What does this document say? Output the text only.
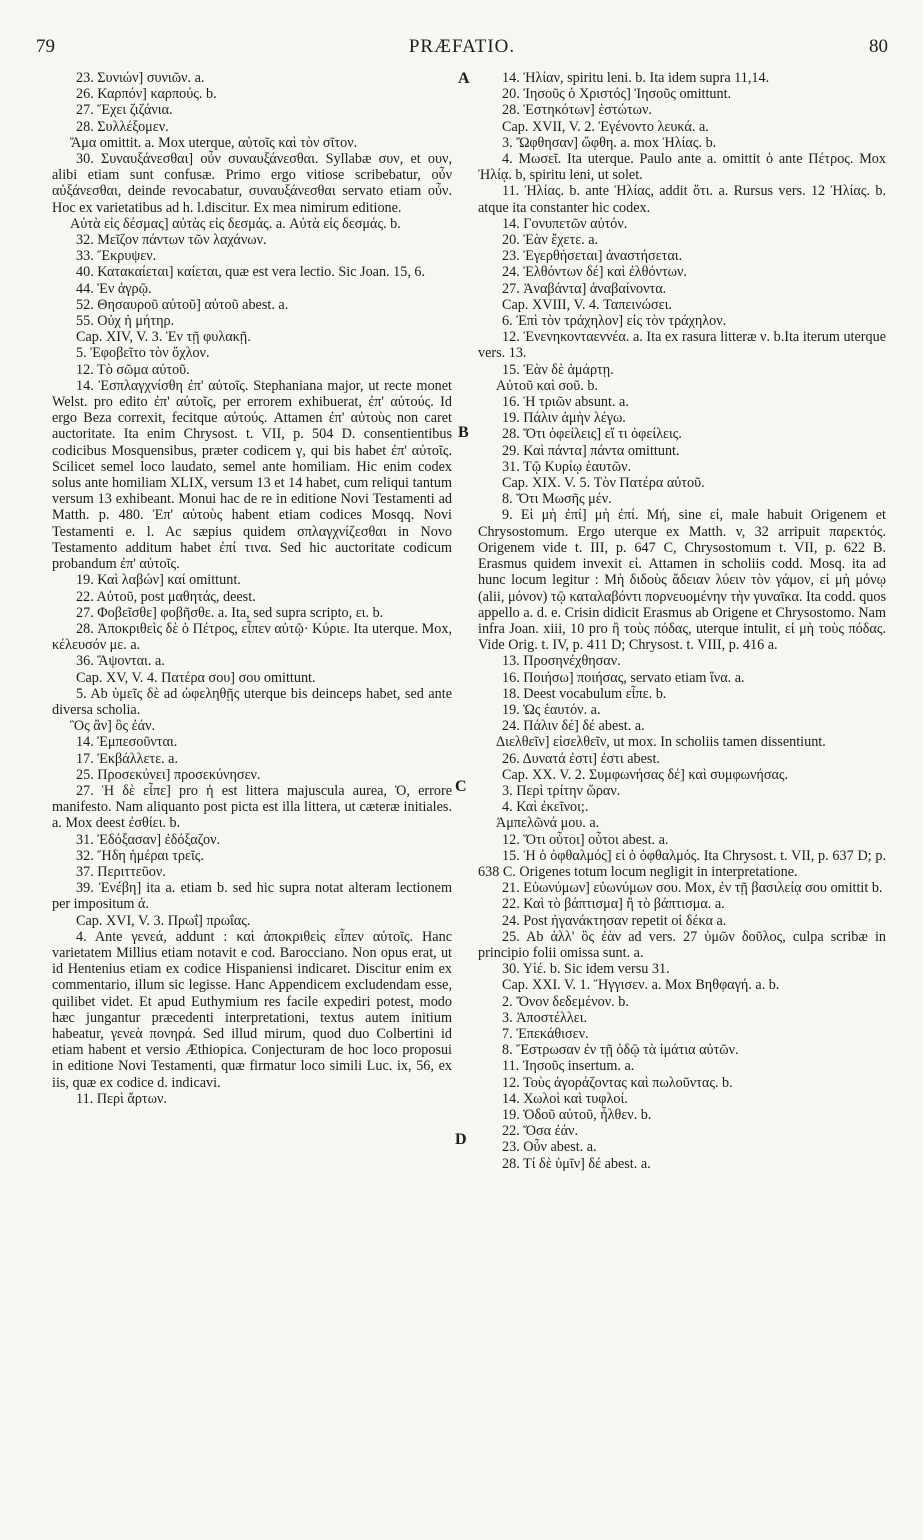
79	PRÆFATIO.	80
A
B
C
D

23. Συνιών] συνιῶν. a.

26. Καρπόν] καρπούς. b.

27. Ἔχει ζιζάνια.

28. Συλλέξομεν.

Ἅμα omittit. a. Mox uterque, αὐτοῖς καὶ τὸν σῖτον.

30. Συναυξάνεσθαι] οὖν συναυξάνεσθαι. Syllabæ συν, et ουν, alibi etiam sunt confusæ. Primo ergo vitiose scribebatur, οὖν αὐξάνεσθαι, deinde revocabatur, συναυξάνεσθαι servato etiam οὖν. Hoc ex varietatibus ad h. l.discitur. Ex mea nimirum editione.

Αὐτὰ εἰς δέσμας] αὐτὰς εἰς δεσμάς. a. Αὐτὰ εἰς δεσμάς. b.

32. Μεῖζον πάντων τῶν λαχάνων.

33. Ἔκρυψεν.

40. Κατακαίεται] καίεται, quæ est vera lectio. Sic Joan. 15, 6.

44. Ἐν ἀγρῷ.

52. Θησαυροῦ αὐτοῦ] αὐτοῦ abest. a.

55. Οὐχ ἡ μήτηρ.

Cap. XIV, V. 3. Ἐν τῇ φυλακῇ.

5. Ἐφοβεῖτο τὸν ὄχλον.

12. Τὸ σῶμα αὐτοῦ.

14. Ἐσπλαγχνίσθη ἐπ' αὐτοῖς. Stephaniana major, ut recte monet Welst. pro edito ἐπ' αὐτοῖς, per errorem exhibuerat, ἐπ' αὐτούς. Id ergo Beza correxit, fecitque αὐτούς. Attamen ἐπ' αὐτοὺς non caret auctoritate. Ita enim Chrysost. t. VII, p. 504 D. consentientibus codicibus Mosquensibus, præter codicem γ, qui bis habet ἐπ' αὐτοῖς. Scilicet semel loco laudato, semel ante homiliam. Hic enim codex solus ante homiliam XLIX, versum 13 et 14 habet, cum reliqui tantum versum 13 exhibeant. Monui hac de re in editione Novi Testamenti ad Matth. p. 480. Ἐπ' αὐτοὺς habent etiam codices Mosqq. Novi Testamenti e. l. Ac sæpius quidem σπλαγχνίζεσθαι in Novo Testamento additum habet ἐπί τινα. Sed hic auctoritate codicum probandum ἐπ' αὐτοῖς.

19. Καὶ λαβών] καί omittunt.

22. Αὐτοῦ, post μαθητάς, deest.

27. Φοβεῖσθε] φοβῆσθε. a. Ita, sed supra scripto, ει. b.

28. Ἀποκριθεὶς δὲ ὁ Πέτρος, εἶπεν αὐτῷ· Κύριε. Ita uterque. Mox, κέλευσόν με. a.

36. Ἅψονται. a.

Cap. XV, V. 4. Πατέρα σου] σου omittunt.

5. Ab ὑμεῖς δὲ ad ὠφεληθῇς uterque bis deinceps habet, sed ante diversa scholia.

Ὃς ἂν] ὃς ἐάν.

14. Ἐμπεσοῦνται.

17. Ἐκβάλλετε. a.

25. Προσεκύνει] προσεκύνησεν.

27. Ἡ δὲ εἶπε] pro ἡ est littera majuscula aurea, Ὁ, errore manifesto. Nam aliquanto post picta est illa littera, ut cæteræ initiales. a. Mox deest ἐσθίει. b.

31. Ἐδόξασαν] ἐδόξαζον.

32. Ἤδη ἡμέραι τρεῖς.

37. Περιττεῦον.

39. Ἐνέβη] ita a. etiam b. sed hic supra notat alteram lectionem per impositum ά.

Cap. XVI, V. 3. Πρωΐ] πρωΐας.

4. Ante γενεά, addunt : καὶ ἀποκριθεὶς εἶπεν αὐτοῖς. Hanc varietatem Millius etiam notavit e cod. Barocciano. Non opus erat, ut id Hentenius etiam ex codice Hispaniensi indicaret. Discitur enim ex commentario, illum sic legisse. Hanc Appendicem excludendam esse, quilibet videt. Et apud Euthymium res facile expediri potest, modo hæc jungantur præcedenti interpretationi, textus autem initium habeatur, γενεὰ πονηρά. Sed illud mirum, quod duo Colbertini id etiam habent et versio Æthiopica. Conjecturam de hoc loco proposui in editione Novi Testamenti, quæ firmatur loco simili Luc. ix, 56, ex iis, quæ ex codice d. indicavi.

11. Περὶ ἄρτων.

14. Ἠλίαν, spiritu leni. b. Ita idem supra 11,14.

20. Ἰησοῦς ὁ Χριστός] Ἰησοῦς omittunt.

28. Ἑστηκότων] ἑστώτων.

Cap. XVII, V. 2. Ἐγένοντο λευκά. a.

3. Ὤφθησαν] ὤφθη. a. mox Ἠλίας. b.

4. Μωσεῖ. Ita uterque. Paulo ante a. omittit ὁ ante Πέτρος. Mox Ἠλίᾳ. b, spiritu leni, ut solet.

11. Ἠλίας. b. ante Ἠλίας, addit ὅτι. a. Rursus vers. 12 Ἠλίας. b. atque ita constanter hic codex.

14. Γονυπετῶν αὐτόν.

20. Ἐὰν ἔχετε. a.

23. Ἐγερθήσεται] ἀναστήσεται.

24. Ἐλθόντων δέ] καὶ ἐλθόντων.

27. Ἀναβάντα] ἀναβαίνοντα.

Cap. XVIII, V. 4. Ταπεινώσει.

6. Ἐπὶ τὸν τράχηλον] εἰς τὸν τράχηλον.

12. Ἐνενηκονταεννέα. a. Ita ex rasura litteræ ν. b.Ita iterum uterque vers. 13.

15. Ἐὰν δὲ ἁμάρτῃ.

Αὐτοῦ καὶ σοῦ. b.

16. Ἡ τριῶν absunt. a.

19. Πάλιν ἀμὴν λέγω.

28. Ὅτι ὀφείλεις] εἴ τι ὀφείλεις.

29. Καὶ πάντα] πάντα omittunt.

31. Τῷ Κυρίῳ ἑαυτῶν.

Cap. XIX. V. 5. Τὸν Πατέρα αὐτοῦ.

8. Ὅτι Μωσῆς μέν.

9. Εἰ μὴ ἐπί] μὴ ἐπί. Μή, sine εἰ, male habuit Origenem et Chrysostomum. Ergo uterque ex Matth. v, 32 arripuit παρεκτός. Origenem vide t. III, p. 647 C, Chrysostomum t. VII, p. 622 B. Erasmus quidem invexit εἰ. Attamen in scholiis codd. Mosq. ita ad hunc locum legitur : Μὴ διδοὺς ἄδειαν λύειν τὸν γάμον, εἰ μὴ μόνῳ (alii, μόνον) τῷ καταλαβόντι πορνευομένην τὴν γυναῖκα. Ita codd. quos appello a. d. e. Crisin didicit Erasmus ab Origene et Chrysostomo. Nam infra Joan. xiii, 10 pro ἢ τοὺς πόδας, uterque intulit, εἰ μὴ τοὺς πόδας. Vide Orig. t. IV, p. 411 D; Chrysost. t. VIII, p. 416 a.

13. Προσηνέχθησαν.

16. Ποιήσω] ποιήσας, servato etiam ἵνα. a.

18. Deest vocabulum εἶπε. b.

19. Ὡς ἑαυτόν. a.

24. Πάλιν δέ] δέ abest. a.

Διελθεῖν] εἰσελθεῖν, ut mox. In scholiis tamen dissentiunt.

26. Δυνατά ἐστι] ἐστι abest.

Cap. XX. V. 2. Συμφωνήσας δέ] καὶ συμφωνήσας.

3. Περὶ τρίτην ὥραν.

4. Καὶ ἐκεῖνοι;.

Ἀμπελῶνά μου. a.

12. Ὅτι οὗτοι] οὗτοι abest. a.

15. Ἡ ὁ ὀφθαλμός] εἰ ὁ ὀφθαλμός. Ita Chrysost. t. VII, p. 637 D; p. 638 C. Origenes totum locum negligit in interpretatione.

21. Εὐωνύμων] εὐωνύμων σου. Mox, ἐν τῇ βασιλείᾳ σου omittit b.

22. Καὶ τὸ βάπτισμα] ἢ τὸ βάπτισμα. a.

24. Post ἠγανάκτησαν repetit οἱ δέκα a.

25. Ab ἀλλ' ὃς ἐὰν ad vers. 27 ὑμῶν δοῦλος, culpa scribæ in principio folii omissa sunt. a.

30. Υἱέ. b. Sic idem versu 31.

Cap. XXI. V. 1. Ἤγγισεν. a. Mox Βηθφαγή. a. b.

2. Ὄνον δεδεμένον. b.

3. Ἀποστέλλει.

7. Ἐπεκάθισεν.

8. Ἔστρωσαν ἐν τῇ ὁδῷ τὰ ἱμάτια αὐτῶν.

11. Ἰησοῦς insertum. a.

12. Τοὺς ἀγοράζοντας καὶ πωλοῦντας. b.

14. Χωλοὶ καὶ τυφλοί.

19. Ὁδοῦ αὐτοῦ, ἦλθεν. b.

22. Ὅσα ἐάν.

23. Οὖν abest. a.

28. Τί δὲ ὑμῖν] δέ abest. a.
